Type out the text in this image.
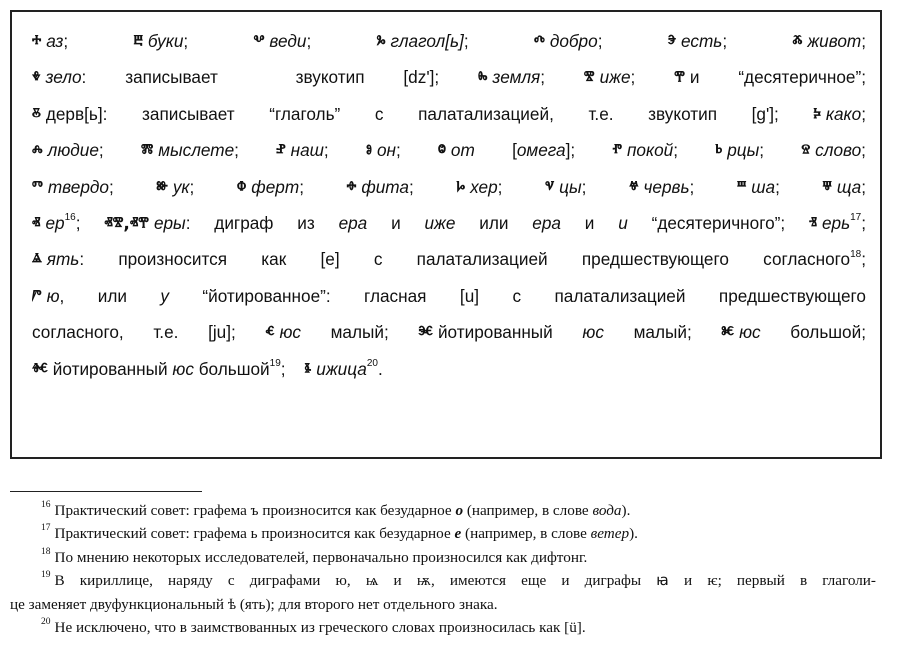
ⰰ аз;	ⰱ буки;	ⰲ веди;	ⰳ глагол[ь];	ⰴ добро;	ⰵ есть;	ⰶ живот;
ⰷ зело: записывает  звукотип [dz']; ⰸ земля; ⰺ иже; ⰹ и “десятеричное”;
ⰻ дерв[ь]: записывает “глаголь” с палатализацией, т.е. звукотип [g']; ⰽ како;
ⰾ людие; ⰿ мыслете; ⱀ наш; ⱁ он; ⱉ от [омега]; ⱂ покой; ⱃ рцы; ⱄ слово;
ⱅ твердо;	ⱆ ук;	ⱇ ферт;	ⱚ фита;	ⱈ хер;	ⱌ цы;	ⱍ червь;	ⱎ ша;	ⱋ ща;
ⱏ $ер^{16}$; ⱏⰺ,ⱏⰹ еры: диграф из ера и иже или ера и и “десятеричного”; ⱐ ерь$^{17}$;
ⱑ ять: произносится как [е] с палатализацией предшествующего согласного$^{18}$;
ⱓ ю, или у “йотированное”: гласная [u] с палатализацией предшествующего
согласного, т.е. [ju]; ⱔ юс малый; ⱗ йотированный юс малый; ⱘ юс большой;
ⱙ йотированный юс большой$^{19}$; ⱛ ижица$^{20}$.
$^{16}$ Практический совет: графема ъ произносится как безударное о (например, в слове вода).
$^{17}$ Практический совет: графема ь произносится как безударное е (например, в слове ветер).
$^{18}$ По мнению некоторых исследователей, первоначально произносился как дифтонг.
$^{19}$ В кириллице, наряду с диграфами ю, ѩ и ѭ, имеются еще и диграфы ꙗ и ѥ; первый в глаголи-
це заменяет двуфункциональный ѣ (ять); для второго нет отдельного знака.
$^{20}$ Не исключено, что в заимствованных из греческого словах произносилась как [ü].
